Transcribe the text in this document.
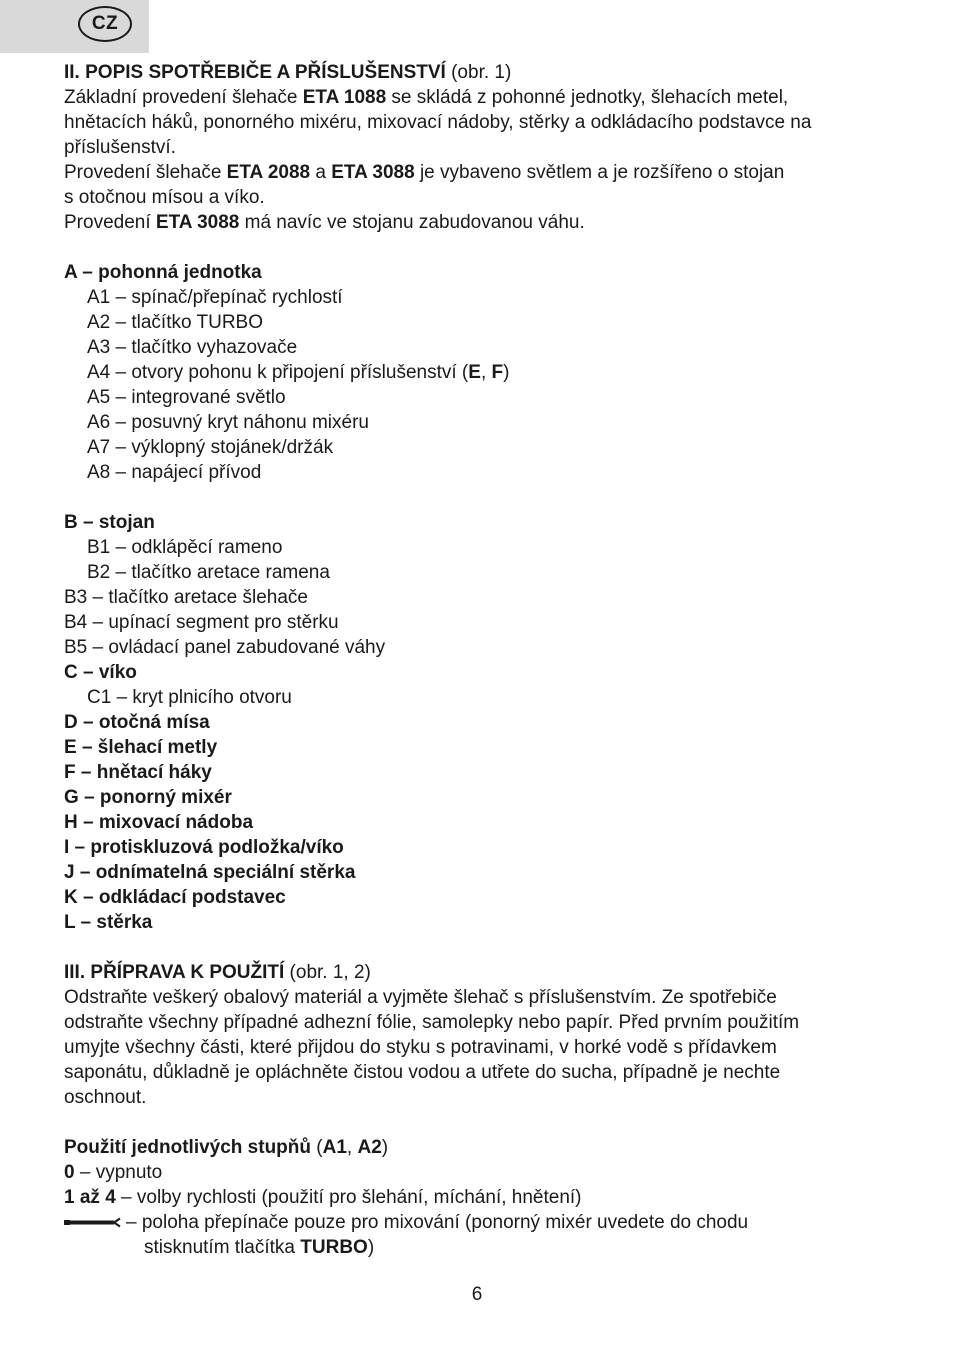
CZ
II. POPIS SPOTŘEBIČE A PŘÍSLUŠENSTVÍ (obr. 1)
Základní provedení šlehače ETA 1088 se skládá z pohonné jednotky, šlehacích metel,
hnětacích háků, ponorného mixéru, mixovací nádoby, stěrky a odkládacího podstavce na
příslušenství.
Provedení šlehače ETA 2088 a ETA 3088 je vybaveno světlem a je rozšířeno o stojan
s otočnou mísou a víko.
Provedení ETA 3088 má navíc ve stojanu zabudovanou váhu.
A – pohonná jednotka
A1 – spínač/přepínač rychlostí
A2 – tlačítko TURBO
A3 – tlačítko vyhazovače
A4 – otvory pohonu k připojení příslušenství (E, F)
A5 – integrované světlo
A6 – posuvný kryt náhonu mixéru
A7 – výklopný stojánek/držák
A8 – napájecí přívod
B – stojan
B1 – odklápěcí rameno
B2 – tlačítko aretace ramena
B3 – tlačítko aretace šlehače
B4 – upínací segment pro stěrku
B5 – ovládací panel zabudované váhy
C – víko
C1 – kryt plnicího otvoru
D – otočná mísa
E – šlehací metly
F – hnětací háky
G – ponorný mixér
H – mixovací nádoba
I – protiskluzová podložka/víko
J – odnímatelná speciální stěrka
K – odkládací podstavec
L – stěrka
III. PŘÍPRAVA K POUŽITÍ (obr. 1, 2)
Odstraňte veškerý obalový materiál a vyjměte šlehač s příslušenstvím. Ze spotřebiče
odstraňte všechny případné adhezní fólie, samolepky nebo papír. Před prvním použitím
umyjte všechny části, které přijdou do styku s potravinami, v horké vodě s přídavkem
saponátu, důkladně je opláchněte čistou vodou a utřete do sucha, případně je nechte
oschnout.
Použití jednotlivých stupňů (A1, A2)
0 – vypnuto
1 až 4 – volby rychlosti (použití pro šlehání, míchání, hnětení)
– poloha přepínače pouze pro mixování (ponorný mixér uvedete do chodu
stisknutím tlačítka TURBO)
6
